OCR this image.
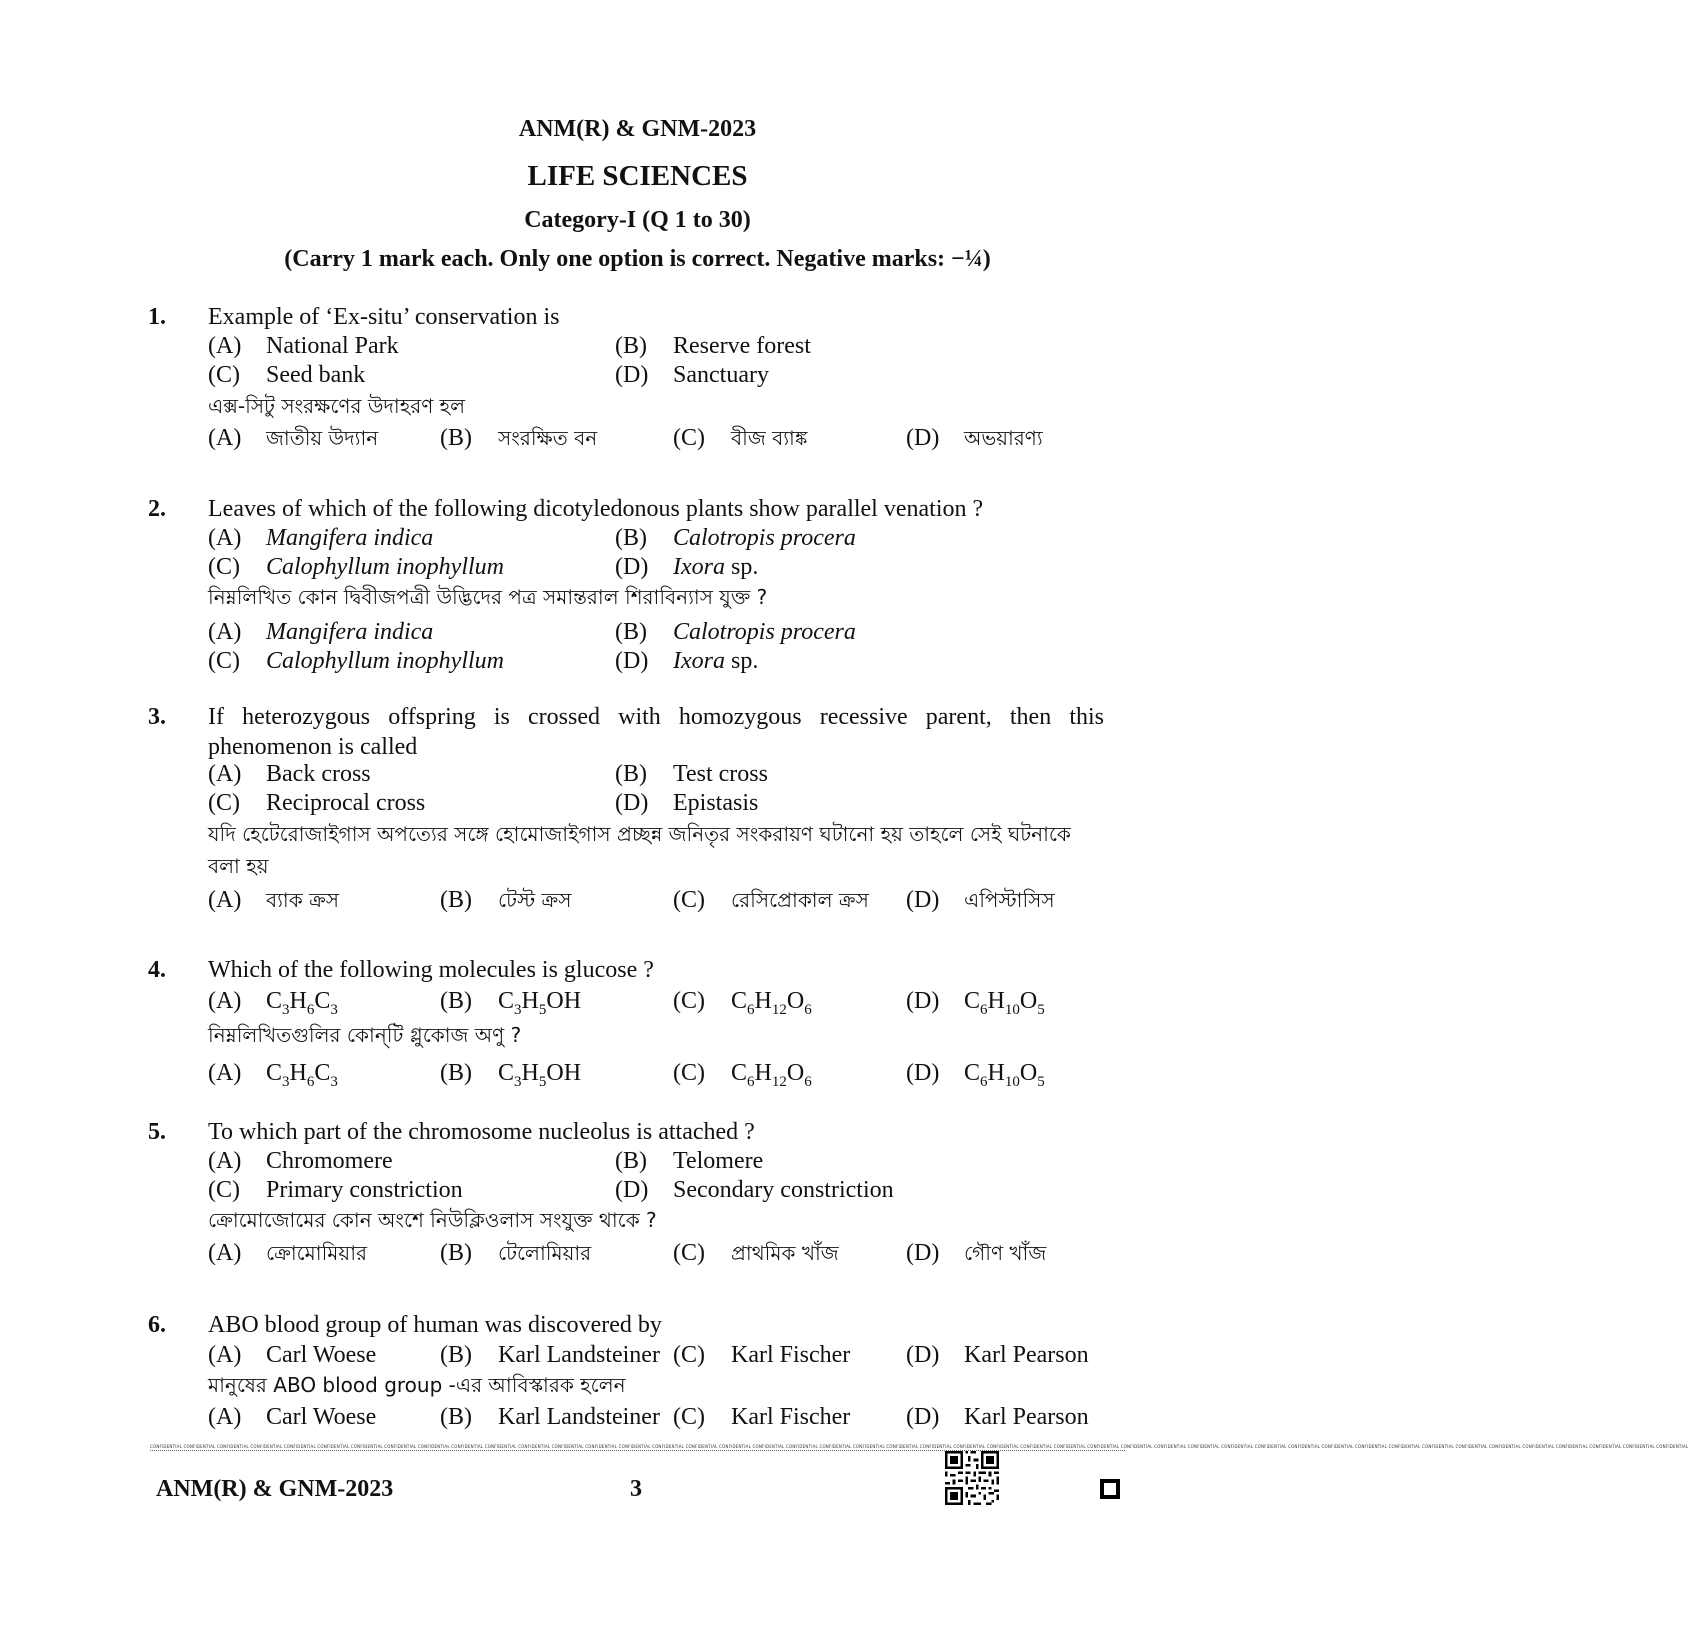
ANM(R) & GNM-2023
LIFE SCIENCES
Category-I (Q 1 to 30)
(Carry 1 mark each. Only one option is correct. Negative marks: −¼)
1. Example of ‘Ex-situ’ conservation is
(A) National Park	(B) Reserve forest
(C) Seed bank	(D) Sanctuary
এক্স-সিটু সংরক্ষণের উদাহরণ হল
(A) জাতীয় উদ্যান	(B) সংরক্ষিত বন	(C) বীজ ব্যাঙ্ক	(D) অভয়ারণ্য
2. Leaves of which of the following dicotyledonous plants show parallel venation ?
(A) Mangifera indica	(B) Calotropis procera
(C) Calophyllum inophyllum	(D) Ixora sp.
নিম্নলিখিত কোন দ্বিবীজপত্রী উদ্ভিদের পত্র সমান্তরাল শিরাবিন্যাস যুক্ত ?
(A) Mangifera indica	(B) Calotropis procera
(C) Calophyllum inophyllum	(D) Ixora sp.
3. If heterozygous offspring is crossed with homozygous recessive parent, then this phenomenon is called
(A) Back cross	(B) Test cross
(C) Reciprocal cross	(D) Epistasis
যদি হেটেরোজাইগাস অপত্যের সঙ্গে হোমোজাইগাস প্রচ্ছন্ন জনিতৃর সংকরায়ণ ঘটানো হয় তাহলে সেই ঘটনাকে বলা হয়
(A) ব্যাক ক্রস	(B) টেস্ট ক্রস	(C) রেসিপ্রোকাল ক্রস (D) এপিস্টাসিস
4. Which of the following molecules is glucose ?
(A) $C_3H_6C_3$	(B) $C_3H_5OH$	(C) $C_6H_{12}O_6$	(D) $C_6H_{10}O_5$
নিম্নলিখিতগুলির কোন্‌টি গ্লুকোজ অণু ?
(A) $C_3H_6C_3$	(B) $C_3H_5OH$	(C) $C_6H_{12}O_6$	(D) $C_6H_{10}O_5$
5. To which part of the chromosome nucleolus is attached ?
(A) Chromomere	(B) Telomere
(C) Primary constriction	(D) Secondary constriction
ক্রোমোজোমের কোন অংশে নিউক্লিওলাস সংযুক্ত থাকে ?
(A) ক্রোমোমিয়ার	(B) টেলোমিয়ার	(C) প্রাথমিক খাঁজ	(D) গৌণ খাঁজ
6. ABO blood group of human was discovered by
(A) Carl Woese	(B) Karl Landsteiner (C) Karl Fischer (D) Karl Pearson
মানুষের ABO blood group -এর আবিস্কারক হলেন
(A) Carl Woese	(B) Karl Landsteiner (C) Karl Fischer (D) Karl Pearson
CONFIDENTIAL CONFIDENTIAL CONFIDENTIAL CONFIDENTIAL CONFIDENTIAL CONFIDENTIAL CONFIDENTIAL CONFIDENTIAL CONFIDENTIAL CONFIDENTIAL CONFIDENTIAL CONFIDENTIAL CONFIDENTIAL CONFIDENTIAL CONFIDENTIAL CONFIDENTIAL CONFIDENTIAL CONFIDENTIAL CONFIDENTIAL CONFIDENTIAL CONFIDENTIAL CONFIDENTIAL CONFIDENTIAL CONFIDENTIAL CONFIDENTIAL CONFIDENTIAL CONFIDENTIAL CONFIDENTIAL CONFIDENTIAL CONFIDENTIAL CONFIDENTIAL CONFIDENTIAL CONFIDENTIAL CONFIDENTIAL CONFIDENTIAL CONFIDENTIAL CONFIDENTIAL CONFIDENTIAL CONFIDENTIAL CONFIDENTIAL CONFIDENTIAL CONFIDENTIAL CONFIDENTIAL CONFIDENTIAL CONFIDENTIAL CONFIDENTIAL
ANM(R) & GNM-2023	3
